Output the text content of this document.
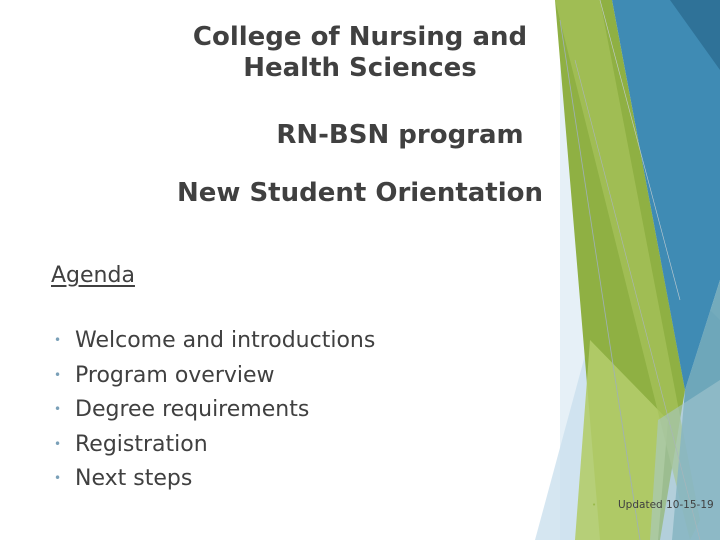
College of Nursing and
Health Sciences
RN-BSN program
New Student Orientation
Agenda
• Welcome and introductions
• Program overview
• Degree requirements
• Registration
• Next steps
• Updated 10-15-19
